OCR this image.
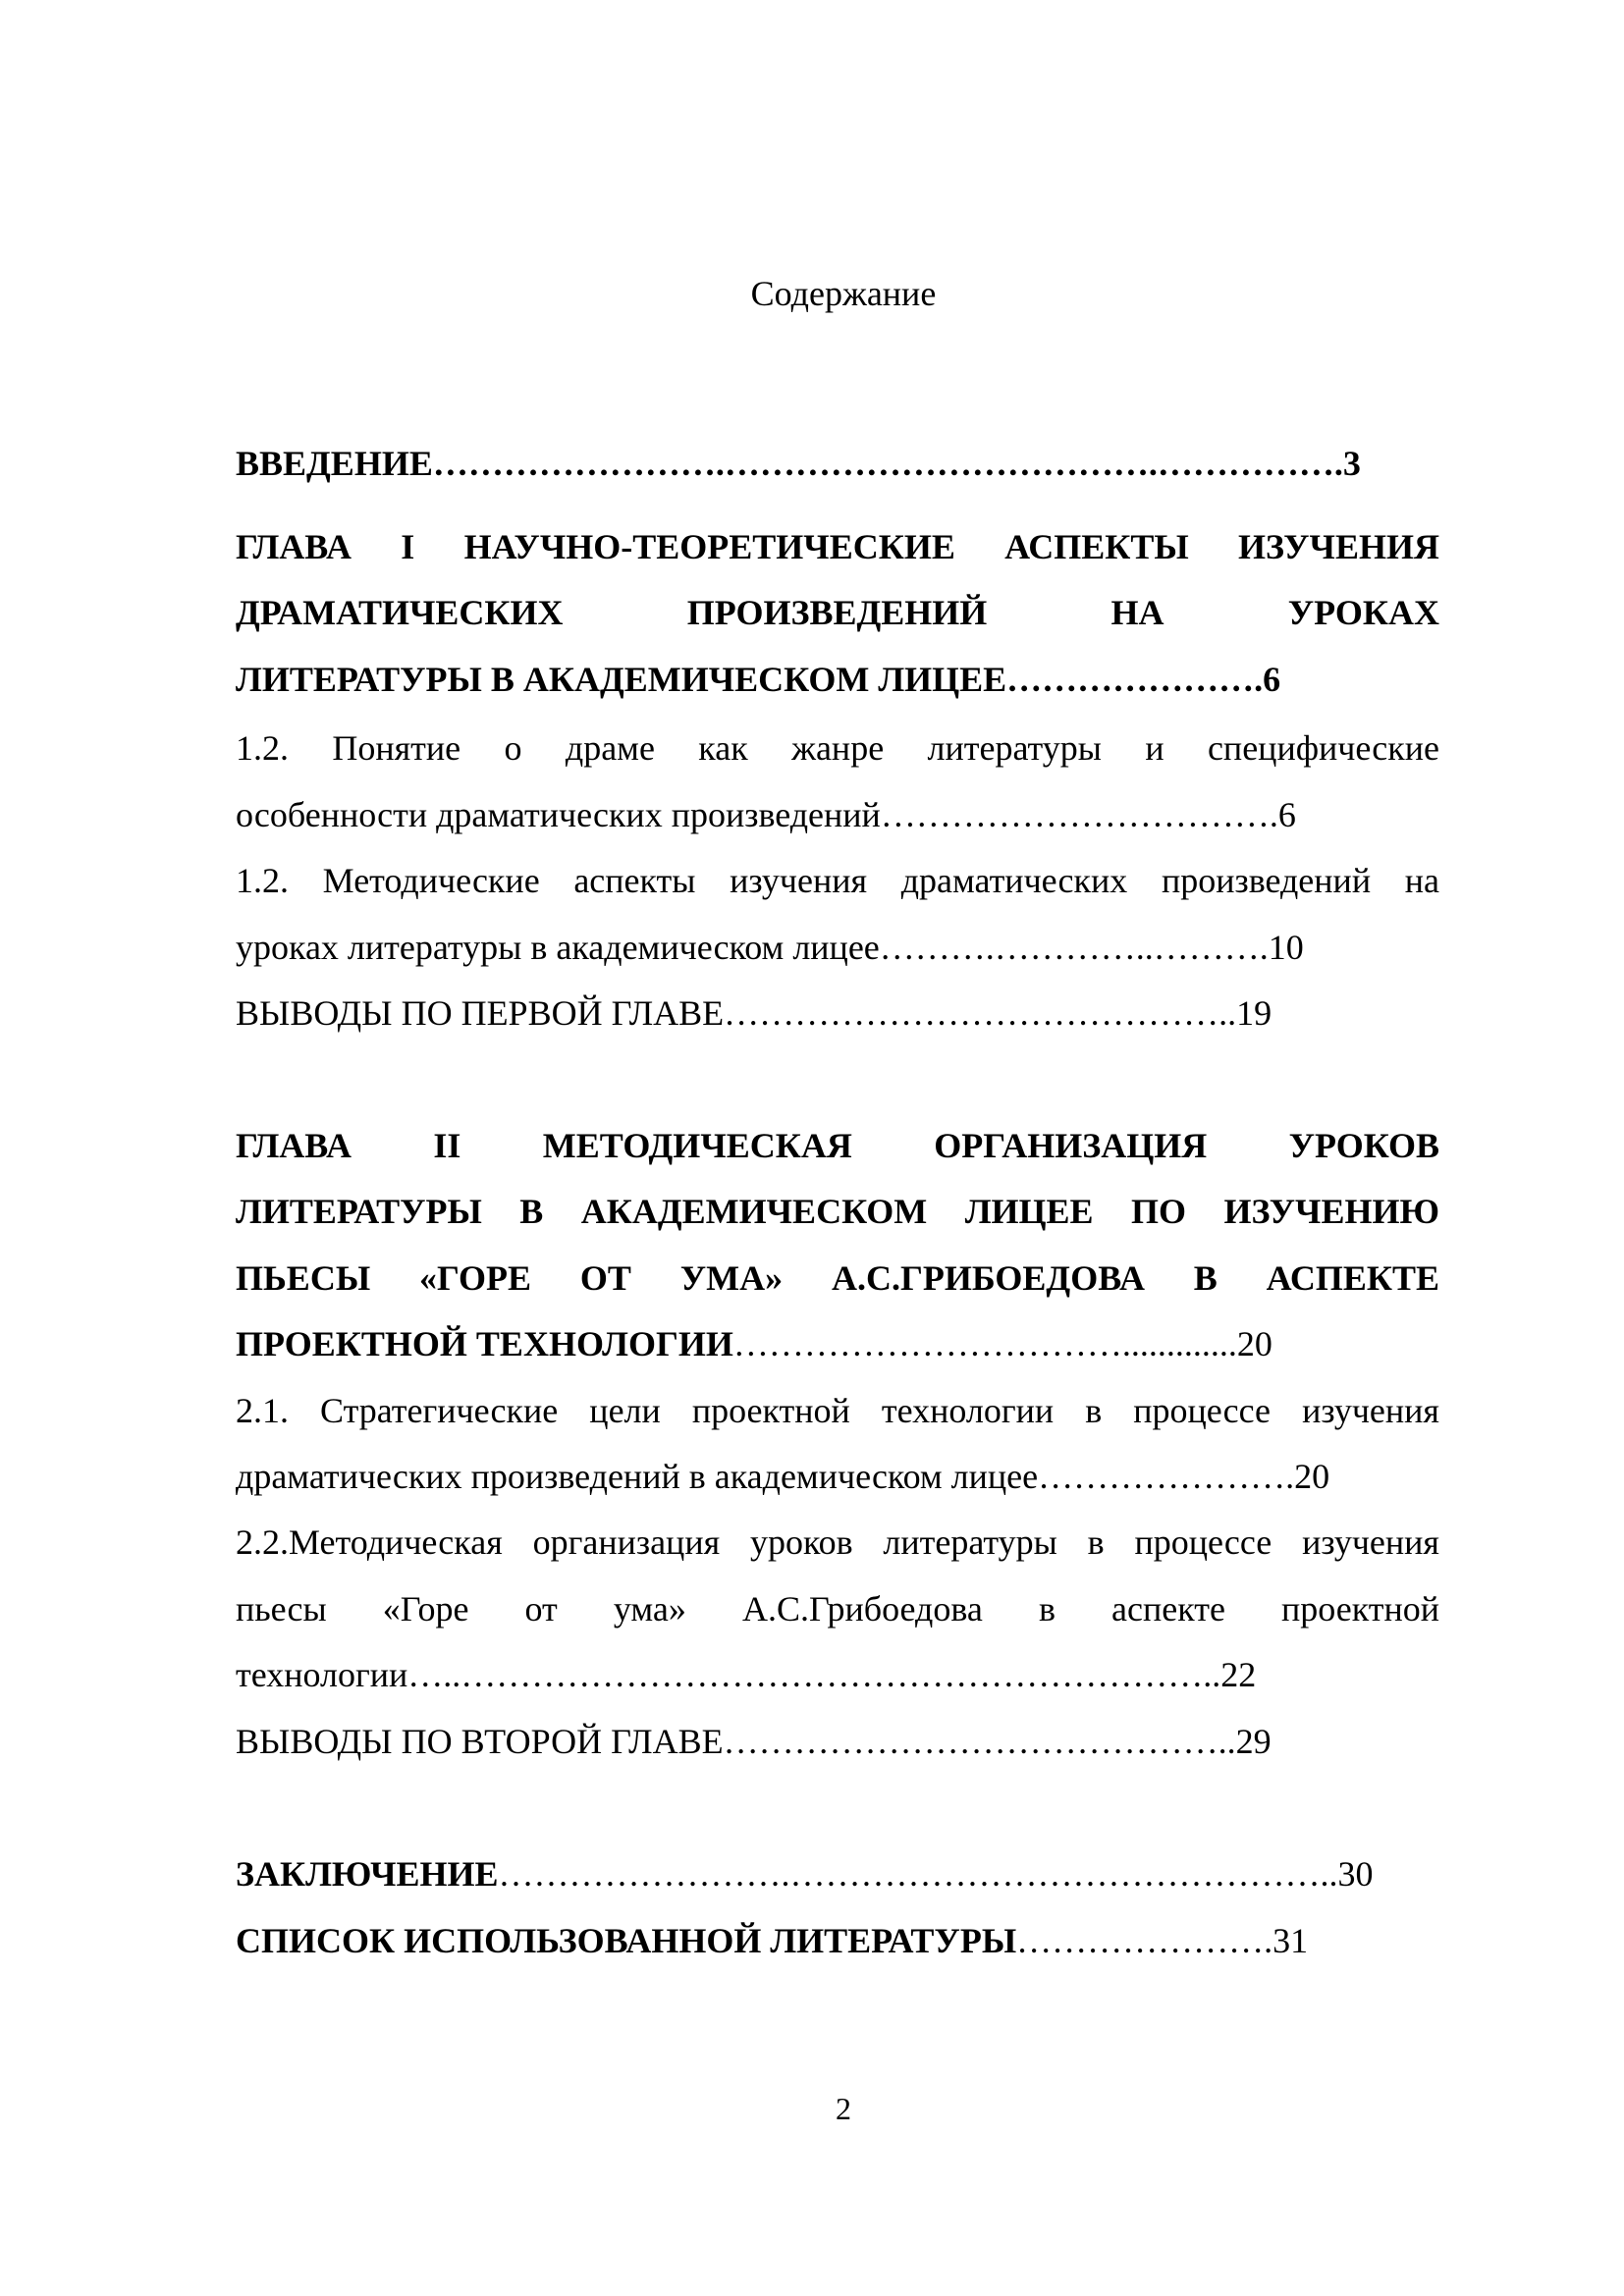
Содержание
ВВЕДЕНИЕ…………………….……………………………….…………….3
ГЛАВА I НАУЧНО-ТЕОРЕТИЧЕСКИЕ АСПЕКТЫ ИЗУЧЕНИЯ
ДРАМАТИЧЕСКИХ ПРОИЗВЕДЕНИЙ НА УРОКАХ
ЛИТЕРАТУРЫ В АКАДЕМИЧЕСКОМ ЛИЦЕЕ………………….6
1.2. Понятие о драме как жанре литературы и специфические
особенности драматических произведений…………………………….6
1.2. Методические аспекты изучения драматических произведений на
уроках литературы в академическом лицее……….…………..……….10
ВЫВОДЫ ПО ПЕРВОЙ ГЛАВЕ……………………………………..19
ГЛАВА II МЕТОДИЧЕСКАЯ ОРГАНИЗАЦИЯ УРОКОВ
ЛИТЕРАТУРЫ В АКАДЕМИЧЕСКОМ ЛИЦЕЕ ПО ИЗУЧЕНИЮ
ПЬЕСЫ «ГОРЕ ОТ УМА» А.С.ГРИБОЕДОВА В АСПЕКТЕ
ПРОЕКТНОЙ ТЕХНОЛОГИИ…………………………….............20
2.1. Стратегические цели проектной технологии в процессе изучения
драматических произведений в академическом лицее………………….20
2.2.Методическая организация уроков литературы в процессе изучения
пьесы «Горе от ума» А.С.Грибоедова в аспекте проектной
технологии…..………………………………………………………..22
ВЫВОДЫ ПО ВТОРОЙ ГЛАВЕ……………………………………..29
ЗАКЛЮЧЕНИЕ…………………….………………………………………..30
СПИСОК ИСПОЛЬЗОВАННОЙ ЛИТЕРАТУРЫ………………….31
2
